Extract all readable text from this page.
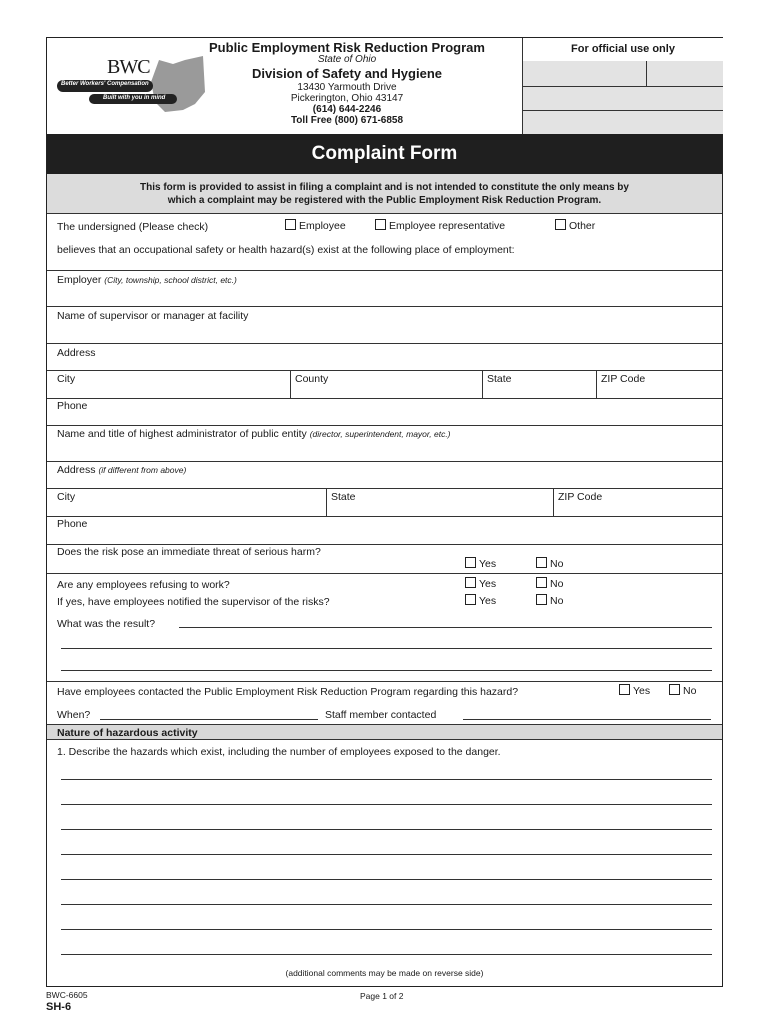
BWC
Better Workers' Compensation
Built with you in mind
Public Employment Risk Reduction Program
State of Ohio
Division of Safety and Hygiene
13430 Yarmouth Drive
Pickerington, Ohio 43147
(614) 644-2246
Toll Free (800) 671-6858
For official use only
Complaint Form
This form is provided to assist in filing a complaint and is not intended to constitute the only means by
which a complaint may be registered with the Public Employment Risk Reduction Program.
The undersigned (Please check)	Employee	Employee representative	Other
believes that an occupational safety or health hazard(s) exist at the following place of employment:
Employer (City, township, school district, etc.)
Name of supervisor or manager at facility
Address
City	County	State	ZIP Code
Phone
Name and title of highest administrator of public entity (director, superintendent, mayor, etc.)
Address (if different from above)
City	State	ZIP Code
Phone
Does the risk pose an immediate threat of serious harm?
Yes	No
Are any employees refusing to work?	Yes	No
If yes, have employees notified the supervisor of the risks?	Yes	No
What was the result?
Have employees contacted the Public Employment Risk Reduction Program regarding this hazard?	Yes	No
When?	Staff member contacted
Nature of hazardous activity
1. Describe the hazards which exist, including the number of employees exposed to the danger.
(additional comments may be made on reverse side)
BWC-6605
SH-6
Page 1 of 2
